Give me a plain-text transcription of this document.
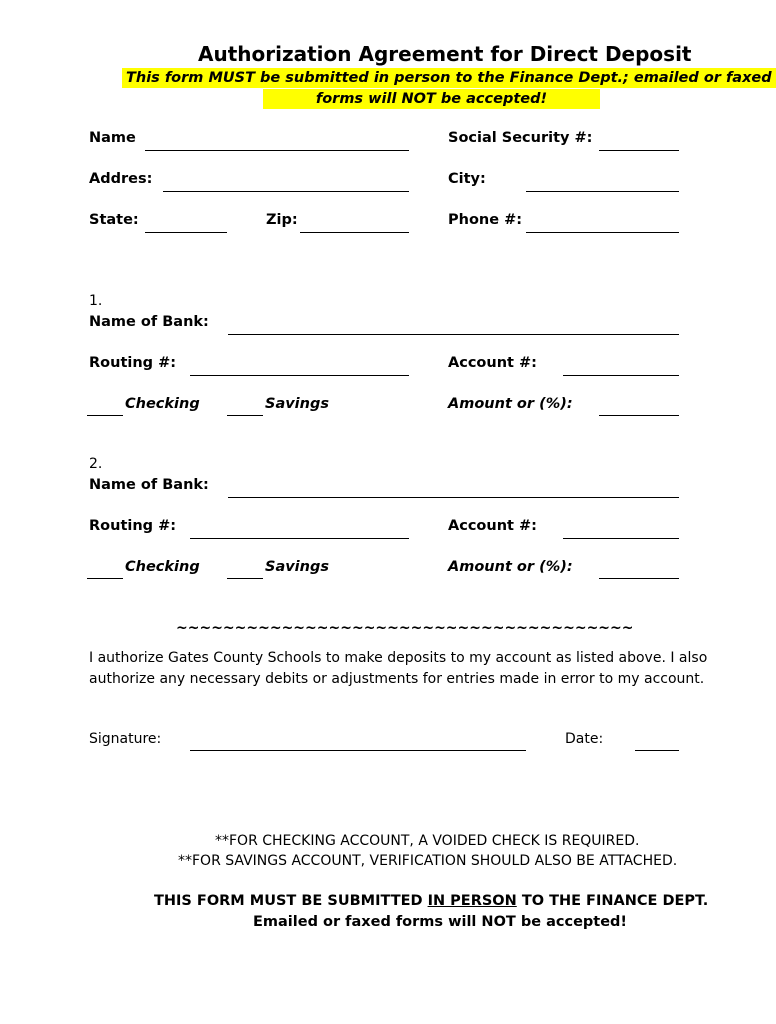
Authorization Agreement for Direct Deposit
This form MUST be submitted in person to the Finance Dept.; emailed or faxed
forms will NOT be accepted!
Name	Social Security #:
Addres:	City:
State:	Zip:	Phone #:
1.
Name of Bank:
Routing #:	Account #:
Checking	Savings	Amount or (%):
2.
Name of Bank:
Routing #:	Account #:
Checking	Savings	Amount or (%):
~~~~~~~~~~~~~~~~~~~~~~~~~~~~~~~~~~~~~~~
I authorize Gates County Schools to make deposits to my account as listed above. I also
authorize any necessary debits or adjustments for entries made in error to my account.
Signature:	Date:
**FOR CHECKING ACCOUNT, A VOIDED CHECK IS REQUIRED.
**FOR SAVINGS ACCOUNT, VERIFICATION SHOULD ALSO BE ATTACHED.
THIS FORM MUST BE SUBMITTED IN PERSON TO THE FINANCE DEPT.
Emailed or faxed forms will NOT be accepted!
